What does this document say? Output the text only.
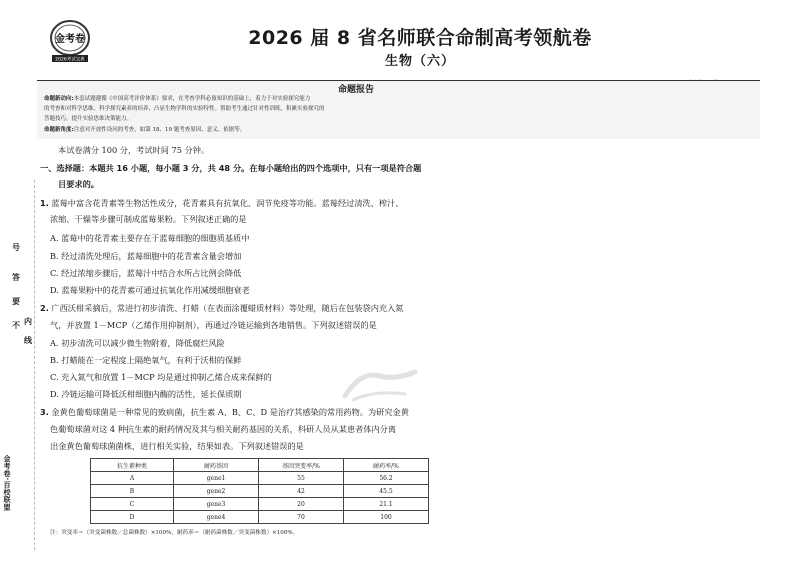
金考卷
2026考试宝典
2026 届 8 省名师联合命制高考领航卷
生物（六）
命题报告
命题新动向:本套试题遵循《中国高考评价体系》要求，在考查学科必备知识的基础上，着力于对实验探究能力
的考查和对科学思维、科学探究素养的培养，凸显生物学科的实验特性。帮助考生通过针对性训练，积累实验探究的
答题技巧，提升实验思维决策能力。
命题新角度:注意对开放性设问的考查，如第 18、19 题考查原因、意义、依据等。
本试卷满分 100 分，考试时间 75 分钟。
一、选择题：本题共 16 小题，每小题 3 分，共 48 分。在每小题给出的四个选项中，只有一项是符合题
目要求的。
1. 蓝莓中富含花青素等生物活性成分，花青素具有抗氧化、润节免疫等功能。蓝莓经过清洗、榨汁、
浓缩、干燥等步骤可制成蓝莓果粉。下列叙述正确的是
A. 蓝莓中的花青素主要存在于蓝莓细胞的细胞质基质中
B. 经过清洗处理后，蓝莓细胞中的花青素含量会增加
C. 经过浓缩步骤后，蓝莓汁中结合水所占比例会降低
D. 蓝莓果粉中的花青素可通过抗氧化作用减缓细胞衰老
2. 广西沃柑采摘后，常进行初步清洗、打蜡（在表面涂覆蜡质材料）等处理，随后在包装袋内充入氮
气，并放置 1－MCP（乙烯作用抑制剂），再通过冷链运输到各地销售。下列叙述错误的是
A. 初步清洗可以减少微生物附着，降低腐烂风险
B. 打蜡能在一定程度上隔绝氧气，有利于沃柑的保鲜
C. 充入氮气和放置 1－MCP 均是通过抑制乙烯合成来保鲜的
D. 冷链运输可降低沃柑细胞内酶的活性，延长保质期
3. 金黄色葡萄球菌是一种常见的致病菌，抗生素 A、B、C、D 是治疗其感染的常用药物。为研究金黄
色葡萄球菌对这 4 种抗生素的耐药情况及其与相关耐药基因的关系，科研人员从某患者体内分离
出金黄色葡萄球菌菌株，进行相关实验，结果如表。下列叙述错误的是
抗生素种类	耐药基因	基因突变率/%	耐药率/%
A	gene1	55	56.2
B	gene2	42	45.5
C	gene3	20	21.1
D	gene4	70	100
注：突变率＝（突变菌株数／总菌株数）×100%，耐药率＝（耐药菌株数／突变菌株数）×100%。
号
答
要
不 内
线
金考卷·百校联盟
